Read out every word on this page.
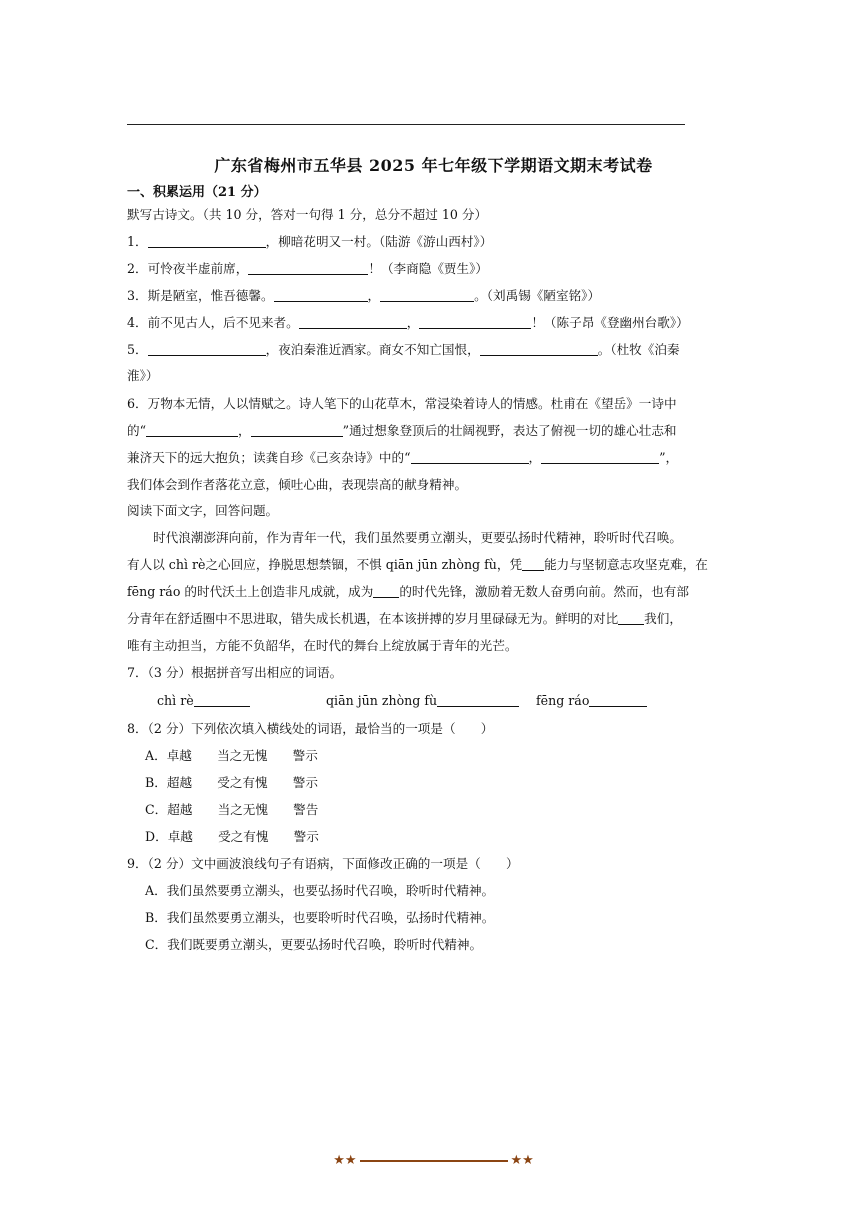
广东省梅州市五华县 2025 年七年级下学期语文期末考试卷
一、积累运用（21 分）
默写古诗文。（共 10 分，答对一句得 1 分，总分不超过 10 分）
1．	，柳暗花明又一村。（陆游《游山西村》）
2．可怜夜半虚前席，	！（李商隐《贾生》）
3．斯是陋室，惟吾德馨。	，	。（刘禹锡《陋室铭》）
4．前不见古人，后不见来者。	，	！（陈子昂《登幽州台歌》）
5．	，夜泊秦淮近酒家。商女不知亡国恨，	。（杜牧《泊秦
淮》）
6．万物本无情，人以情赋之。诗人笔下的山花草木，常浸染着诗人的情感。杜甫在《望岳》一诗中
的“	，	”通过想象登顶后的壮阔视野，表达了俯视一切的雄心壮志和
兼济天下的远大抱负；读龚自珍《己亥杂诗》中的“	，	”，
我们体会到作者落花立意，倾吐心曲，表现崇高的献身精神。
阅读下面文字，回答问题。
时代浪潮澎湃向前，作为青年一代，我们虽然要勇立潮头，更要弘扬时代精神，聆听时代召唤。
有人以 chì rè之心回应，挣脱思想禁锢，不惧 qiān jūn zhòng fù，凭 能力与坚韧意志攻坚克难，在
fēng ráo 的时代沃土上创造非凡成就，成为 的时代先锋，激励着无数人奋勇向前。然而，也有部
分青年在舒适圈中不思进取，错失成长机遇，在本该拼搏的岁月里碌碌无为。鲜明的对比 我们，
唯有主动担当，方能不负韶华，在时代的舞台上绽放属于青年的光芒。
7．（3 分）根据拼音写出相应的词语。
chì rè	qiān jūn zhòng fù	fēng ráo
8．（2 分）下列依次填入横线处的词语，最恰当的一项是（　　）
A．卓越　　当之无愧　　警示
B．超越　　受之有愧　　警示
C．超越　　当之无愧　　警告
D．卓越　　受之有愧　　警示
9．（2 分）文中画波浪线句子有语病，下面修改正确的一项是（　　）
A．我们虽然要勇立潮头，也要弘扬时代召唤，聆听时代精神。
B．我们虽然要勇立潮头，也要聆听时代召唤，弘扬时代精神。
C．我们既要勇立潮头，更要弘扬时代召唤，聆听时代精神。
★★	★★
